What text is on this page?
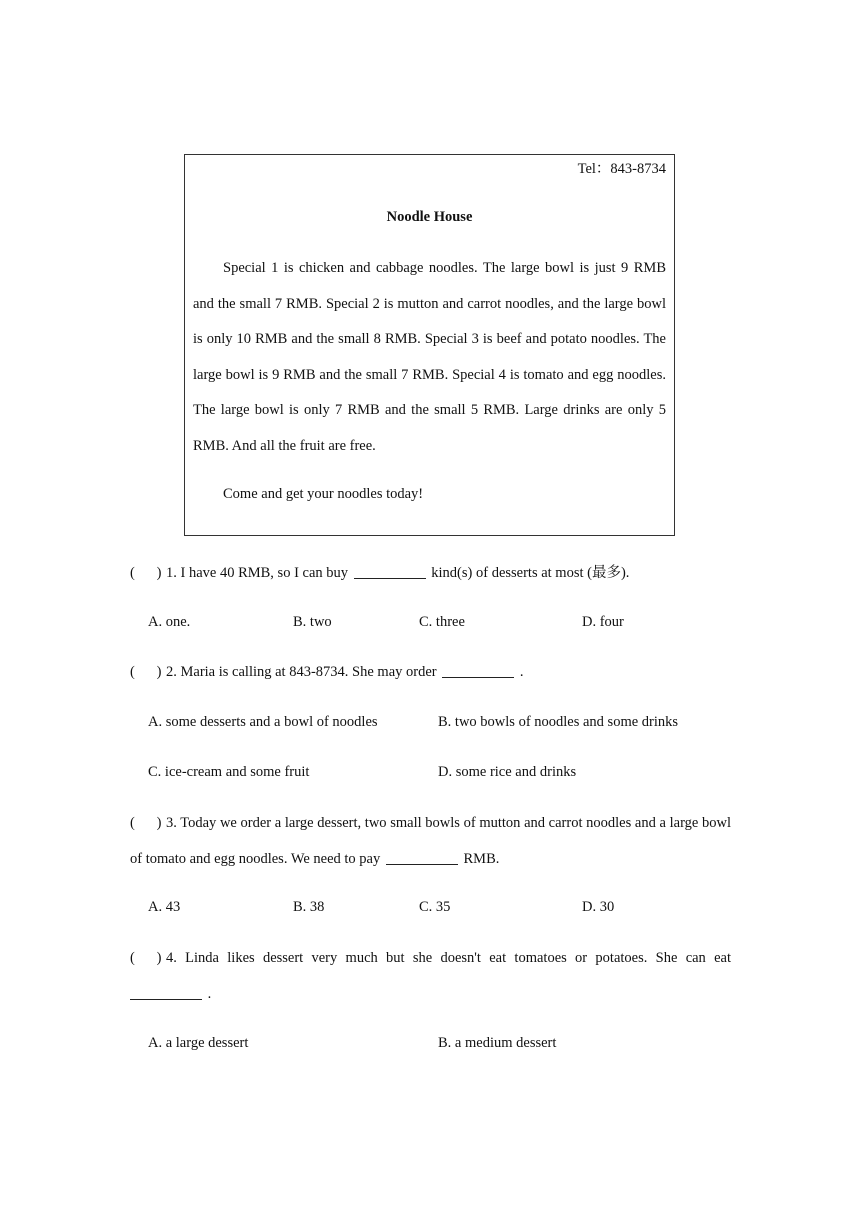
Tel：843-8734
Noodle House

Special 1 is chicken and cabbage noodles. The large bowl is just 9 RMB and the small 7 RMB. Special 2 is mutton and carrot noodles, and the large bowl is only 10 RMB and the small 8 RMB. Special 3 is beef and potato noodles. The large bowl is 9 RMB and the small 7 RMB. Special 4 is tomato and egg noodles. The large bowl is only 7 RMB and the small 5 RMB. Large drinks are only 5 RMB. And all the fruit are free.

Come and get your noodles today!
( ) 1. I have 40 RMB, so I can buy	kind(s) of desserts at most (最多).
A. one.	B. two	C. three	D. four
( ) 2. Maria is calling at 843-8734. She may order	.
A. some desserts and a bowl of noodles	B. two bowls of noodles and some drinks
C. ice-cream and some fruit	D. some rice and drinks
( ) 3. Today we order a large dessert, two small bowls of mutton and carrot noodles and a large bowl of tomato and egg noodles. We need to pay	RMB.
A. 43	B. 38	C. 35	D. 30
( ) 4. Linda likes dessert very much but she doesn't eat tomatoes or potatoes. She can eat  .
A. a large dessert	B. a medium dessert
